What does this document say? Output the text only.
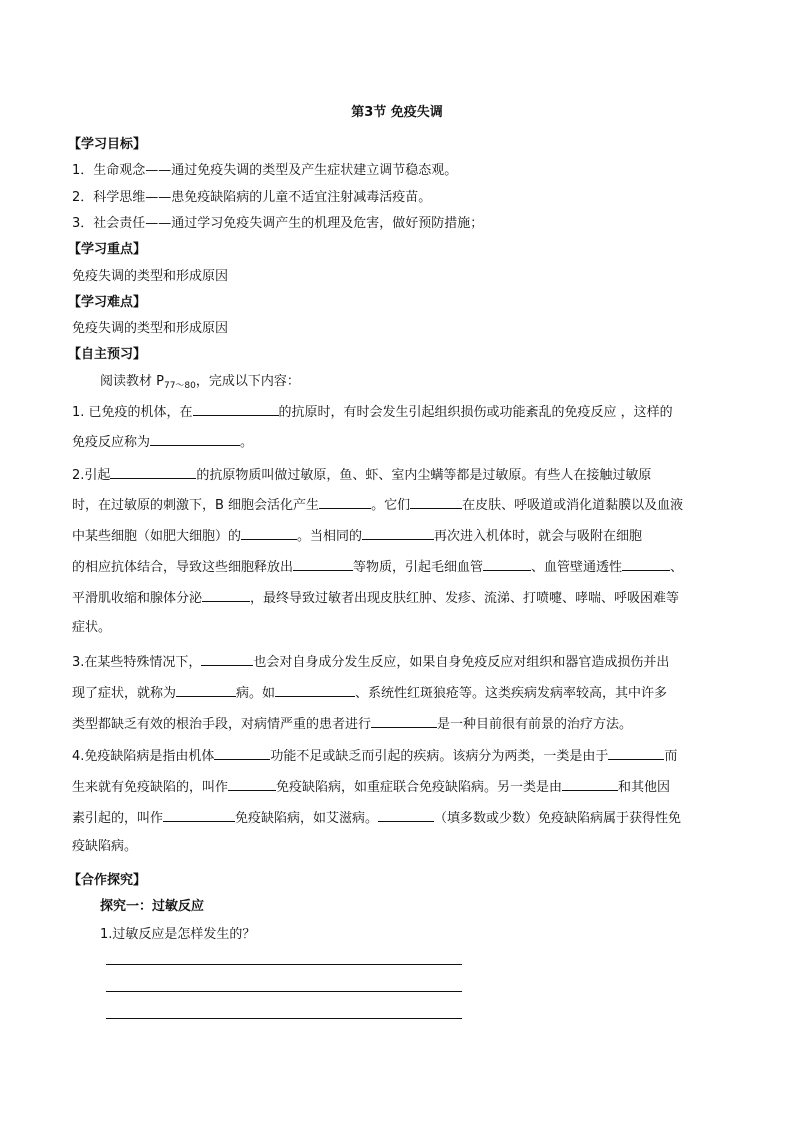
第3节 免疫失调
【学习目标】
1．生命观念——通过免疫失调的类型及产生症状建立调节稳态观。
2．科学思维——患免疫缺陷病的儿童不适宜注射减毒活疫苗。
3．社会责任——通过学习免疫失调产生的机理及危害，做好预防措施；
【学习重点】
免疫失调的类型和形成原因
【学习难点】
免疫失调的类型和形成原因
【自主预习】
阅读教材 $P_{77\sim 80}$，完成以下内容：
1. 已免疫的机体，在	的抗原时，有时会发生引起组织损伤或功能紊乱的免疫反应 ，这样的
免疫反应称为	。
2.引起	的抗原物质叫做过敏原，鱼、虾、室内尘螨等都是过敏原。有些人在接触过敏原
时，在过敏原的刺激下，B 细胞会活化产生	。它们	在皮肤、呼吸道或消化道黏膜以及血液
中某些细胞（如肥大细胞）的	。当相同的	再次进入机体时，就会与吸附在细胞
的相应抗体结合，导致这些细胞释放出	等物质，引起毛细血管	、血管壁通透性	、
平滑肌收缩和腺体分泌	，最终导致过敏者出现皮肤红肿、发疹、流涕、打喷嚏、哮喘、呼吸困难等
症状。
3.在某些特殊情况下，	也会对自身成分发生反应，如果自身免疫反应对组织和器官造成损伤并出
现了症状，就称为	病。如	、系统性红斑狼疮等。这类疾病发病率较高，其中许多
类型都缺乏有效的根治手段，对病情严重的患者进行	是一种目前很有前景的治疗方法。
4.免疫缺陷病是指由机体	功能不足或缺乏而引起的疾病。该病分为两类，一类是由于	而
生来就有免疫缺陷的，叫作	免疫缺陷病，如重症联合免疫缺陷病。另一类是由	和其他因
素引起的，叫作	免疫缺陷病，如艾滋病。	（填多数或少数）免疫缺陷病属于获得性免
疫缺陷病。
【合作探究】
探究一：过敏反应
1.过敏反应是怎样发生的？
